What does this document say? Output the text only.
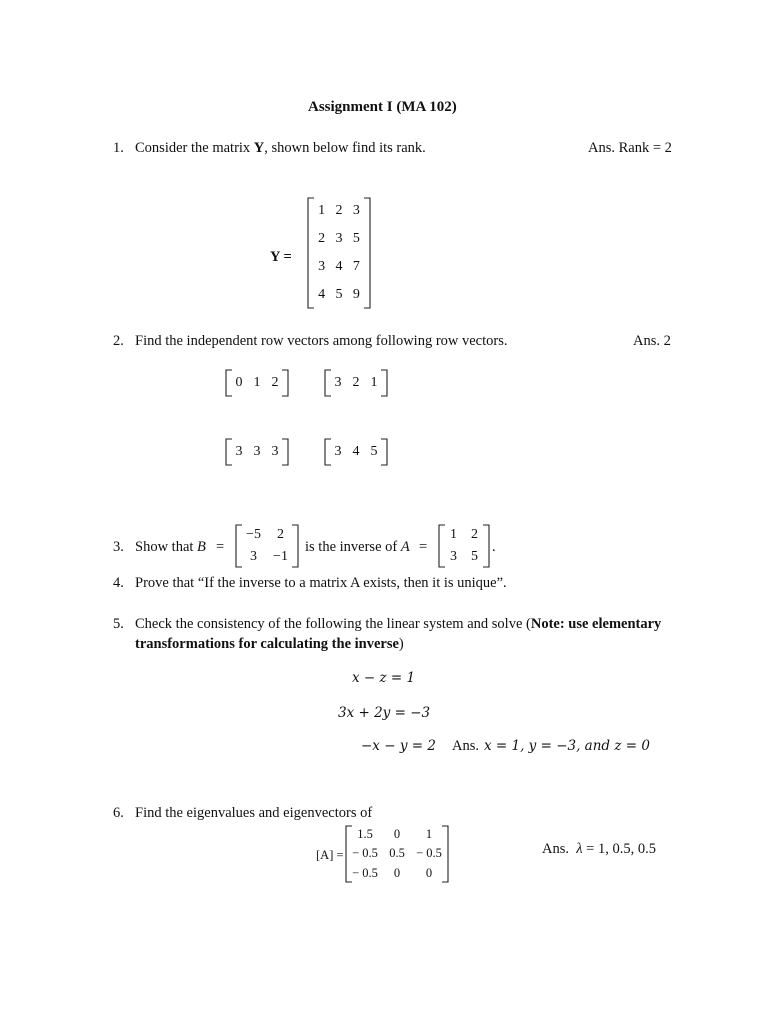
Assignment I (MA 102)
1. Consider the matrix Y, shown below find its rank.	Ans. Rank = 2
Y =
1 2 3
2 3 5
3 4 7
4 5 9
2. Find the independent row vectors among following row vectors.	Ans. 2
0 1 2	3 2 1
3 3 3	3 4 5
3. Show that B =
−5	2
3	−1
is the inverse of A =
1	2
3	5
.
4. Prove that “If the inverse to a matrix A exists, then it is unique”.
5. Check the consistency of the following the linear system and solve (Note: use elementary
transformations for calculating the inverse)
x − z = 1
3x + 2y = −3
−x − y = 2 Ans. x = 1, y = −3, and z = 0
6. Find the eigenvalues and eigenvectors of
[A] =
1.5	0	1
− 0.5 0.5 − 0.5
− 0.5	0	0
Ans. λ = 1, 0.5, 0.5
